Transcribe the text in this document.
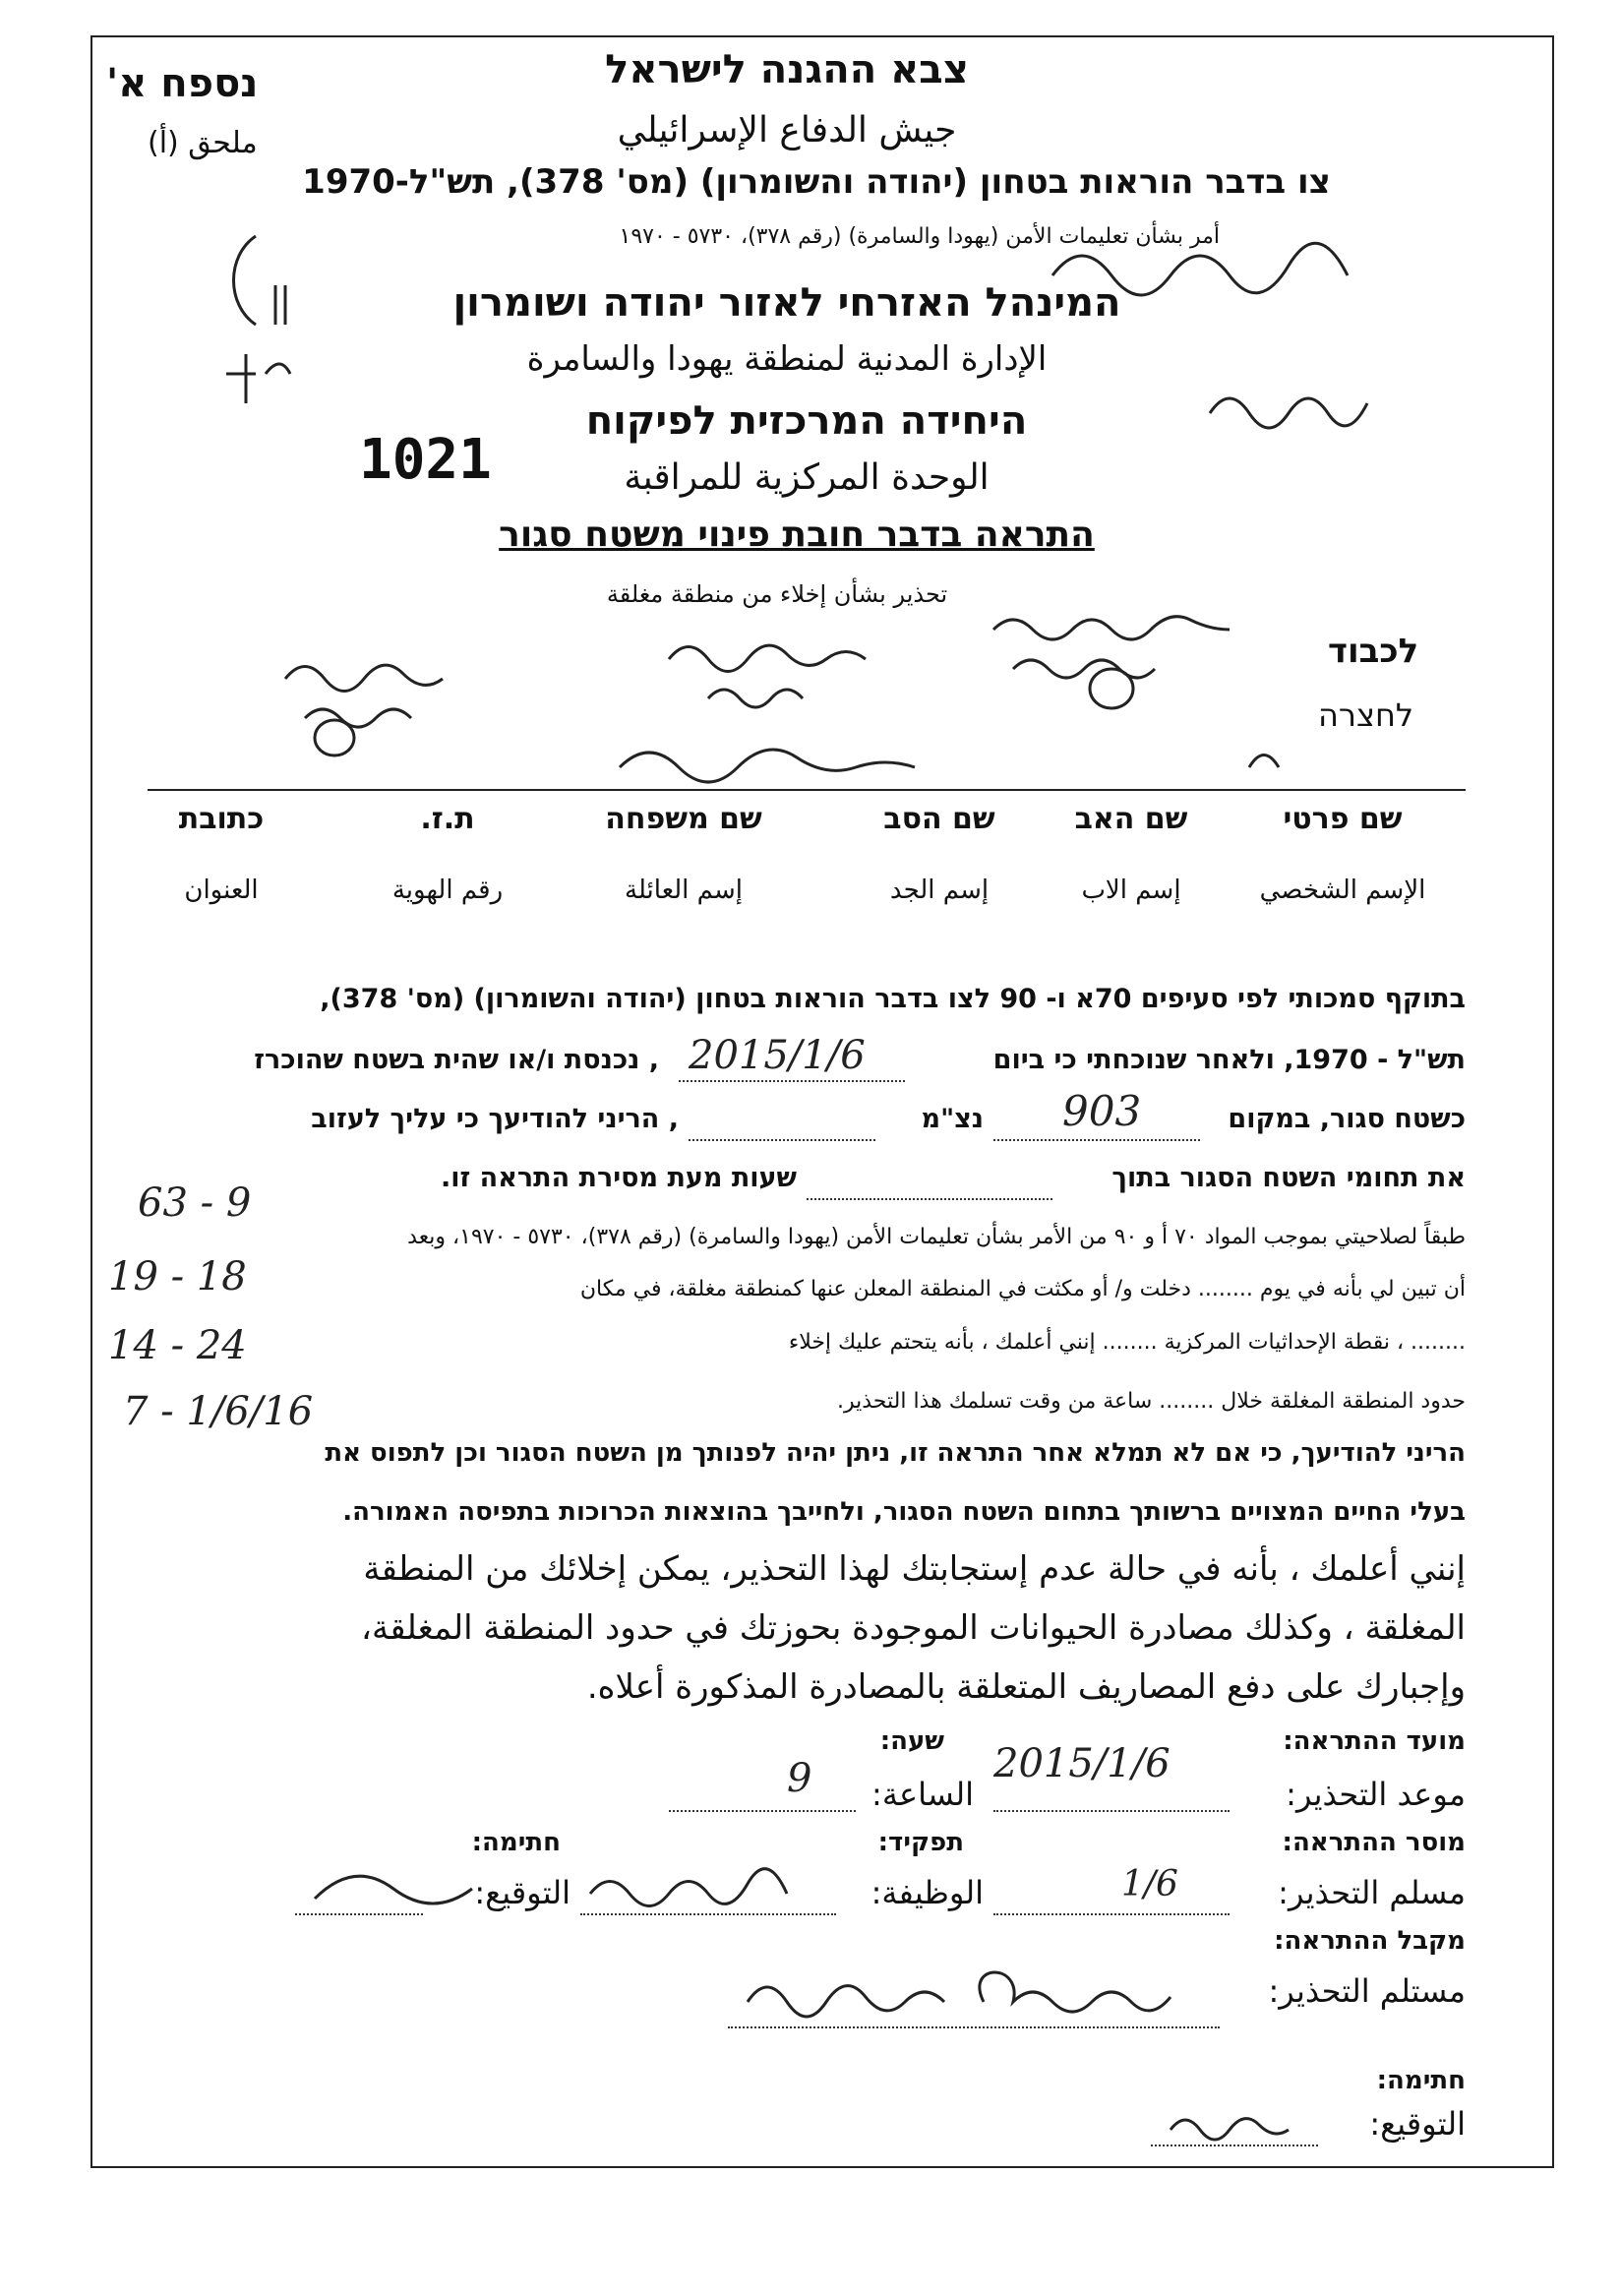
נספח א'
ملحق (أ)
צבא ההגנה לישראל
جيش الدفاع الإسرائيلي
צו בדבר הוראות בטחון (יהודה והשומרון) (מס' 378), תש"ל-1970
أمر بشأن تعليمات الأمن (يهودا والسامرة) (رقم ٣٧٨)، ٥٧٣٠ - ١٩٧٠
המינהל האזרחי לאזור יהודה ושומרון
الإدارة المدنية لمنطقة يهودا والسامرة
היחידה המרכזית לפיקוח
1021	الوحدة المركزية للمراقبة
התראה בדבר חובת פינוי משטח סגור
تحذير بشأن إخلاء من منطقة مغلقة
לכבוד
לחצרה
שם פרטי
שם האב
שם הסב
שם משפחה
ת.ז.
כתובת
الإسم الشخصي
إسم الاب
إسم الجد
إسم العائلة
رقم الهوية
العنوان
בתוקף סמכותי לפי סעיפים 70א ו- 90 לצו בדבר הוראות בטחון (יהודה והשומרון) (מס' 378),
תש"ל - 1970, ולאחר שנוכחתי כי ביום
2015/1/6
, נכנסת ו/או שהית בשטח שהוכרז
כשטח סגור, במקום
903
נצ"מ
, הריני להודיעך כי עליך לעזוב
את תחומי השטח הסגור בתוך
שעות מעת מסירת התראה זו.
طبقاً لصلاحيتي بموجب المواد ٧٠ أ و ٩٠ من الأمر بشأن تعليمات الأمن (يهودا والسامرة) (رقم ٣٧٨)، ٥٧٣٠ - ١٩٧٠، وبعد
أن تبين لي بأنه في يوم ........ دخلت و/ أو مكثت في المنطقة المعلن عنها كمنطقة مغلقة، في مكان
........ ، نقطة الإحداثيات المركزية ........ إنني أعلمك ، بأنه يتحتم عليك إخلاء
حدود المنطقة المغلقة خلال ........ ساعة من وقت تسلمك هذا التحذير.
63 - 9
19 - 18
14 - 24
7 - 1/6/16
הריני להודיעך, כי אם לא תמלא אחר התראה זו, ניתן יהיה לפנותך מן השטח הסגור וכן לתפוס את
בעלי החיים המצויים ברשותך בתחום השטח הסגור, ולחייבך בהוצאות הכרוכות בתפיסה האמורה.
إنني أعلمك ، بأنه في حالة عدم إستجابتك لهذا التحذير، يمكن إخلائك من المنطقة
المغلقة ، وكذلك مصادرة الحيوانات الموجودة بحوزتك في حدود المنطقة المغلقة،
وإجبارك على دفع المصاريف المتعلقة بالمصادرة المذكورة أعلاه.
מועד ההתראה:
שעה:
موعد التحذير:
2015/1/6
الساعة:
9
מוסר ההתראה:
תפקיד:
חתימה:
مسلم التحذير:
1/6
الوظيفة:
التوقيع:
מקבל ההתראה:
مستلم التحذير:
חתימה:
التوقيع:
